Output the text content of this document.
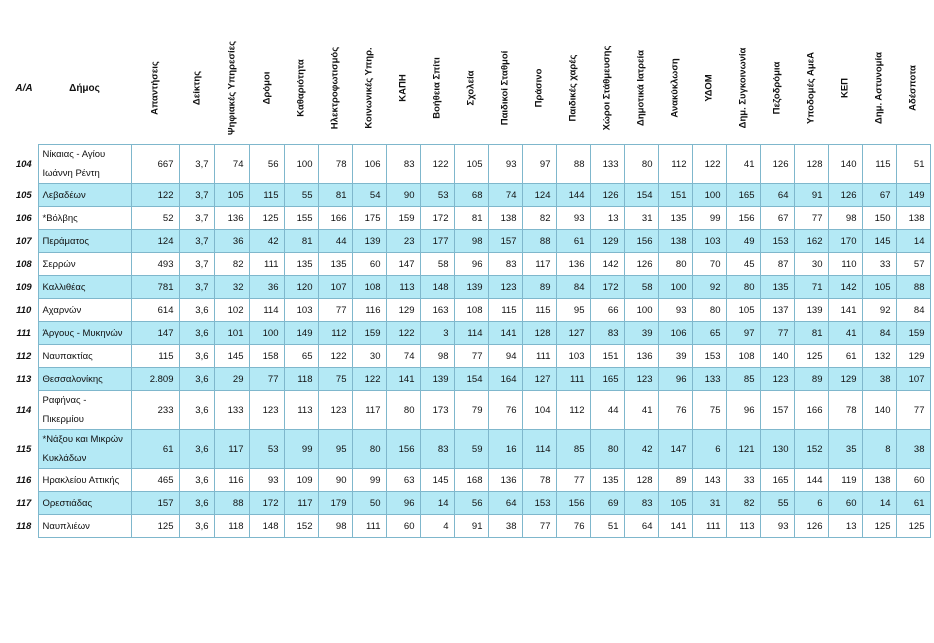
Α/Α	Δήμος	Απαντήσεις	Δείκτης	Ψηφιακές Υπηρεσίες	Δρόμοι	Καθαριότητα	Ηλεκτροφωτισμός	Κοινωνικές Υπηρ.	ΚΑΠΗ	Βοήθεια Σπίτι	Σχολεία	Παιδικοί Σταθμοί	Πράσινο	Παιδικές χαρές	Χώροι Στάθμευσης	Δημοτικά Ιατρεία	Ανακύκλωση	ΥΔΟΜ	Δημ. Συγκοινωνία	Πεζοδρόμια	Υποδομές ΑμεΑ	ΚΕΠ	Δημ. Αστυνομία	Αδέσποτα

104	Νίκαιας - Αγίου Ιωάννη Ρέντη	667	3,7	74	56	100	78	106	83	122	105	93	97	88	133	80	112	122	41	126	128	140	115	51
105	Λεβαδέων	122	3,7	105	115	55	81	54	90	53	68	74	124	144	126	154	151	100	165	64	91	126	67	149
106	*Βόλβης	52	3,7	136	125	155	166	175	159	172	81	138	82	93	13	31	135	99	156	67	77	98	150	138
107	Περάματος	124	3,7	36	42	81	44	139	23	177	98	157	88	61	129	156	138	103	49	153	162	170	145	14
108	Σερρών	493	3,7	82	111	135	135	60	147	58	96	83	117	136	142	126	80	70	45	87	30	110	33	57
109	Καλλιθέας	781	3,7	32	36	120	107	108	113	148	139	123	89	84	172	58	100	92	80	135	71	142	105	88
110	Αχαρνών	614	3,6	102	114	103	77	116	129	163	108	115	115	95	66	100	93	80	105	137	139	141	92	84
111	Άργους - Μυκηνών	147	3,6	101	100	149	112	159	122	3	114	141	128	127	83	39	106	65	97	77	81	41	84	159
112	Ναυπακτίας	115	3,6	145	158	65	122	30	74	98	77	94	111	103	151	136	39	153	108	140	125	61	132	129
113	Θεσσαλονίκης	2.809	3,6	29	77	118	75	122	141	139	154	164	127	111	165	123	96	133	85	123	89	129	38	107
114	Ραφήνας - Πικερμίου	233	3,6	133	123	113	123	117	80	173	79	76	104	112	44	41	76	75	96	157	166	78	140	77
115	*Νάξου και Μικρών Κυκλάδων	61	3,6	117	53	99	95	80	156	83	59	16	114	85	80	42	147	6	121	130	152	35	8	38
116	Ηρακλείου Αττικής	465	3,6	116	93	109	90	99	63	145	168	136	78	77	135	128	89	143	33	165	144	119	138	60
117	Ορεστιάδας	157	3,6	88	172	117	179	50	96	14	56	64	153	156	69	83	105	31	82	55	6	60	14	61
118	Ναυπλιέων	125	3,6	118	148	152	98	111	60	4	91	38	77	76	51	64	141	111	113	93	126	13	125	125
